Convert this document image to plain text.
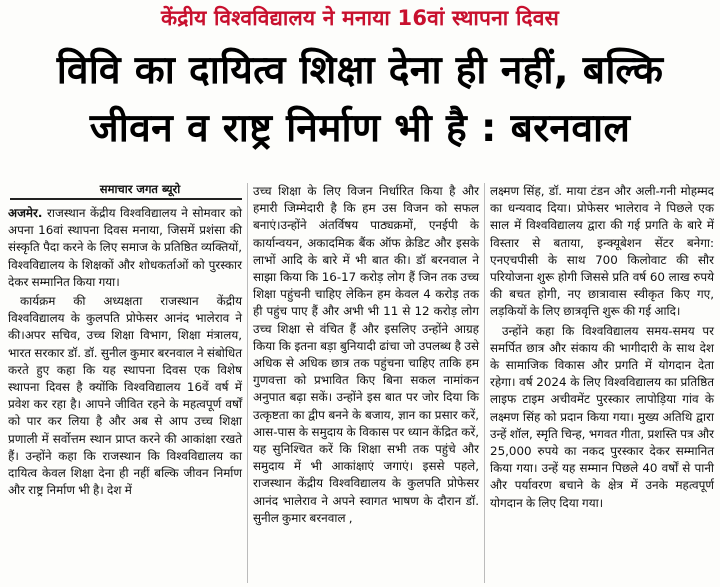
केंद्रीय विश्वविद्यालय ने मनाया 16वां स्थापना दिवस
विवि का दायित्व शिक्षा देना ही नहीं, बल्कि
जीवन व राष्ट्र निर्माण भी है : बरनवाल
समाचार जगत ब्यूरो

अजमेर. राजस्थान केंद्रीय विश्वविद्यालय ने सोमवार को अपना 16वां स्थापना दिवस मनाया, जिसमें प्रशंसा की संस्कृति पैदा करने के लिए समाज के प्रतिष्ठित व्यक्तियों, विश्वविद्यालय के शिक्षकों और शोधकर्ताओं को पुरस्कार देकर सम्मानित किया गया।

कार्यक्रम की अध्यक्षता राजस्थान केंद्रीय विश्वविद्यालय के कुलपति प्रोफेसर आनंद भालेराव ने की।अपर सचिव, उच्च शिक्षा विभाग, शिक्षा मंत्रालय, भारत सरकार डॉ. डॉ. सुनील कुमार बरनवाल ने संबोधित करते हुए कहा कि यह स्थापना दिवस एक विशेष स्थापना दिवस है क्योंकि विश्वविद्यालय 16वें वर्ष में प्रवेश कर रहा है। आपने जीवित रहने के महत्वपूर्ण वर्षों को पार कर लिया है और अब से आप उच्च शिक्षा प्रणाली में सर्वोत्तम स्थान प्राप्त करने की आकांक्षा रखते हैं। उन्होंने कहा कि राजस्थान कि विश्वविद्यालय का दायित्व केवल शिक्षा देना ही नहीं बल्कि जीवन निर्माण और राष्ट्र निर्माण भी है। देश में

उच्च शिक्षा के लिए विजन निर्धारित किया है और हमारी जिम्मेदारी है कि हम उस विजन को सफल बनाएं।उन्होंने अंतर्विषय पाठ्यक्रमों, एनईपी के कार्यान्वयन, अकादमिक बैंक ऑफ क्रेडिट और इसके लाभों आदि के बारे में भी बात की। डॉ बरनवाल ने साझा किया कि 16-17 करोड़ लोग हैं जिन तक उच्च शिक्षा पहुंचनी चाहिए लेकिन हम केवल 4 करोड़ तक ही पहुंच पाए हैं और अभी भी 11 से 12 करोड़ लोग उच्च शिक्षा से वंचित हैं और इसलिए उन्होंने आग्रह किया कि इतना बड़ा बुनियादी ढांचा जो उपलब्ध है उसे अधिक से अधिक छात्र तक पहुंचना चाहिए ताकि हम गुणवत्ता को प्रभावित किए बिना सकल नामांकन अनुपात बढ़ा सकें। उन्होंने इस बात पर जोर दिया कि उत्कृष्टता का द्वीप बनने के बजाय, ज्ञान का प्रसार करें, आस-पास के समुदाय के विकास पर ध्यान केंद्रित करें, यह सुनिश्चित करें कि शिक्षा सभी तक पहुंचे और समुदाय में भी आकांक्षाएं जगाएं। इससे पहले, राजस्थान केंद्रीय विश्वविद्यालय के कुलपति प्रोफेसर आनंद भालेराव ने अपने स्वागत भाषण के दौरान डॉ. सुनील कुमार बरनवाल ,

लक्ष्मण सिंह, डॉ. माया टंडन और अली-गनी मोहम्मद का धन्यवाद दिया। प्रोफेसर भालेराव ने पिछले एक साल में विश्वविद्यालय द्वारा की गई प्रगति के बारे में विस्तार से बताया, इन्क्यूबेशन सेंटर बनेगा: एनएचपीसी के साथ 700 किलोवाट की सौर परियोजना शुरू होगी जिससे प्रति वर्ष 60 लाख रुपये की बचत होगी, नए छात्रावास स्वीकृत किए गए, लड़कियों के लिए छात्रवृत्ति शुरू की गई आदि।

उन्होंने कहा कि विश्वविद्यालय समय-समय पर समर्पित छात्र और संकाय की भागीदारी के साथ देश के सामाजिक विकास और प्रगति में योगदान देता रहेगा। वर्ष 2024 के लिए विश्वविद्यालय का प्रतिष्ठित लाइफ टाइम अचीवमेंट पुरस्कार लापोड़िया गांव के लक्ष्मण सिंह को प्रदान किया गया। मुख्य अतिथि द्वारा उन्हें शॉल, स्मृति चिन्ह, भगवत गीता, प्रशस्ति पत्र और 25,000 रुपये का नकद पुरस्कार देकर सम्मानित किया गया। उन्हें यह सम्मान पिछले 40 वर्षों से पानी और पर्यावरण बचाने के क्षेत्र में उनके महत्वपूर्ण योगदान के लिए दिया गया।
